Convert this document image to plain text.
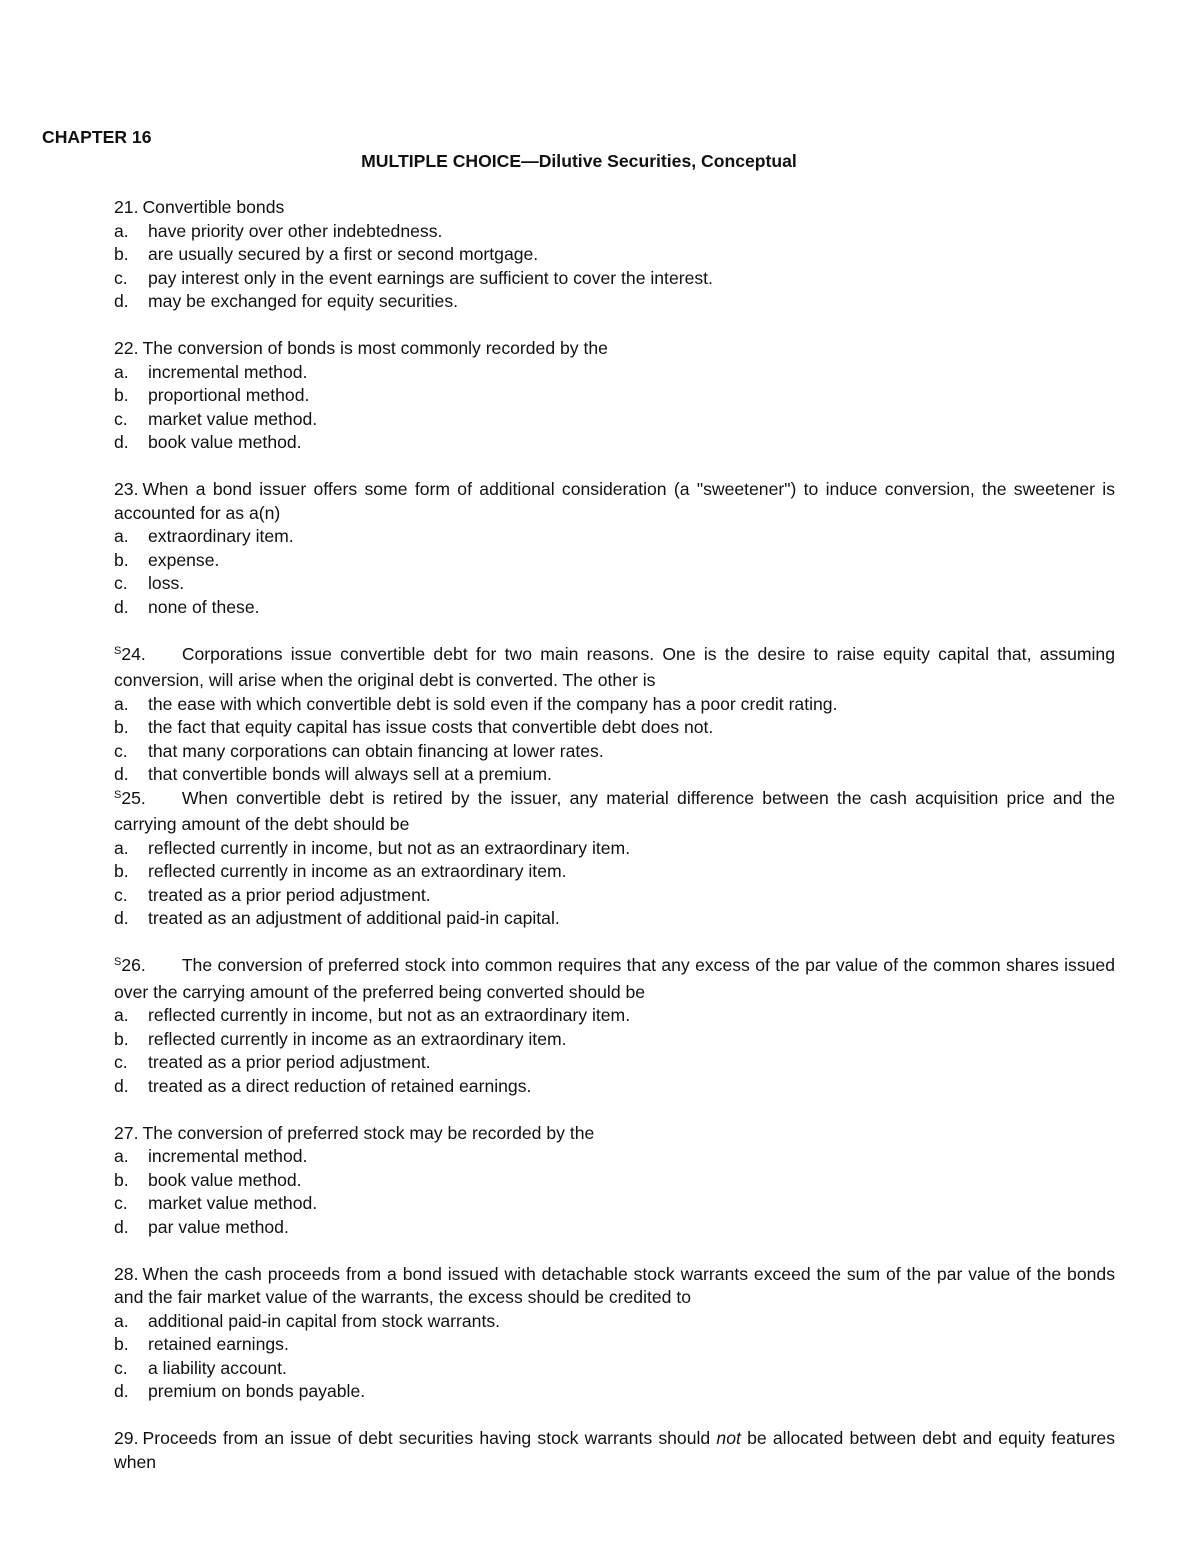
CHAPTER 16
MULTIPLE CHOICE—Dilutive Securities, Conceptual
21. Convertible bonds
a.	have priority over other indebtedness.
b.	are usually secured by a first or second mortgage.
c.	pay interest only in the event earnings are sufficient to cover the interest.
d.	may be exchanged for equity securities.
22. The conversion of bonds is most commonly recorded by the
a.	incremental method.
b.	proportional method.
c.	market value method.
d.	book value method.
23. When a bond issuer offers some form of additional consideration (a "sweetener") to induce conversion, the sweetener is accounted for as a(n)
a.	extraordinary item.
b.	expense.
c.	loss.
d.	none of these.
$^S$24. Corporations issue convertible debt for two main reasons. One is the desire to raise equity capital that, assuming conversion, will arise when the original debt is converted. The other is
a.	the ease with which convertible debt is sold even if the company has a poor credit rating.
b.	the fact that equity capital has issue costs that convertible debt does not.
c.	that many corporations can obtain financing at lower rates.
d.	that convertible bonds will always sell at a premium.
$^S$25. When convertible debt is retired by the issuer, any material difference between the cash acquisition price and the carrying amount of the debt should be
a.	reflected currently in income, but not as an extraordinary item.
b.	reflected currently in income as an extraordinary item.
c.	treated as a prior period adjustment.
d.	treated as an adjustment of additional paid-in capital.
$^S$26. The conversion of preferred stock into common requires that any excess of the par value of the common shares issued over the carrying amount of the preferred being converted should be
a.	reflected currently in income, but not as an extraordinary item.
b.	reflected currently in income as an extraordinary item.
c.	treated as a prior period adjustment.
d.	treated as a direct reduction of retained earnings.
27. The conversion of preferred stock may be recorded by the
a.	incremental method.
b.	book value method.
c.	market value method.
d.	par value method.
28. When the cash proceeds from a bond issued with detachable stock warrants exceed the sum of the par value of the bonds and the fair market value of the warrants, the excess should be credited to
a.	additional paid-in capital from stock warrants.
b.	retained earnings.
c.	a liability account.
d.	premium on bonds payable.
29. Proceeds from an issue of debt securities having stock warrants should not be allocated between debt and equity features when
